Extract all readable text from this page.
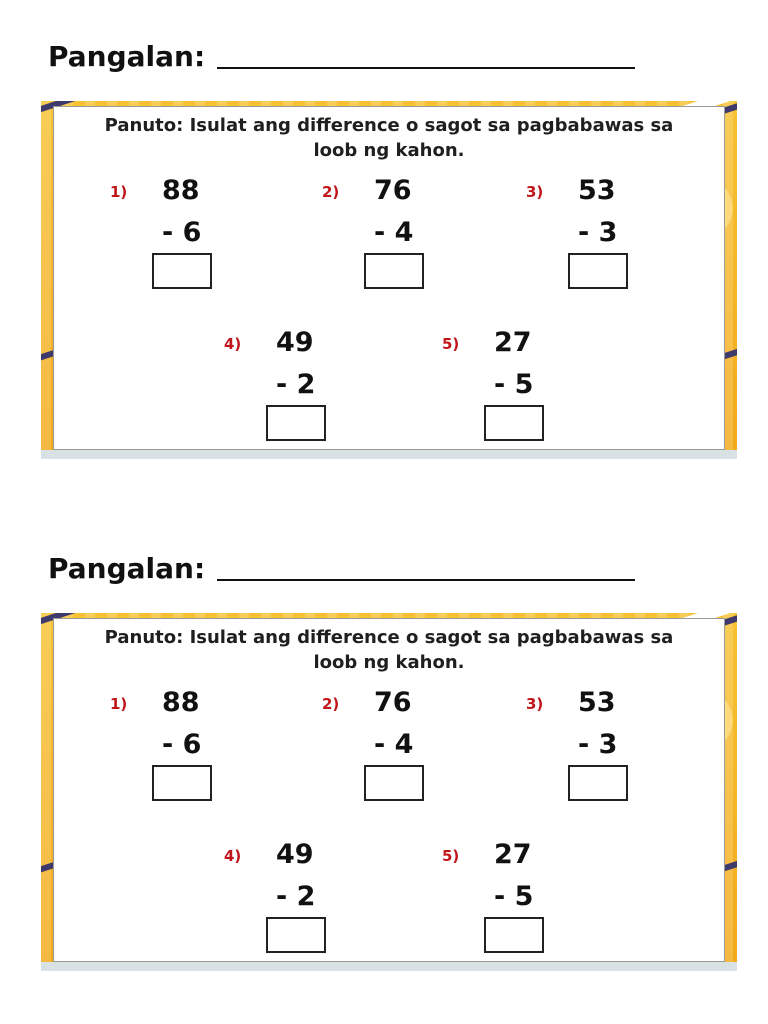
Pangalan:
Panuto: Isulat ang difference o sagot sa pagbabawas sa
loob ng kahon.
1) 88
- 6
2) 76
- 4
3) 53
- 3
4) 49
- 2
5) 27
- 5
Pangalan:
Panuto: Isulat ang difference o sagot sa pagbabawas sa
loob ng kahon.
1) 88
- 6
2) 76
- 4
3) 53
- 3
4) 49
- 2
5) 27
- 5
